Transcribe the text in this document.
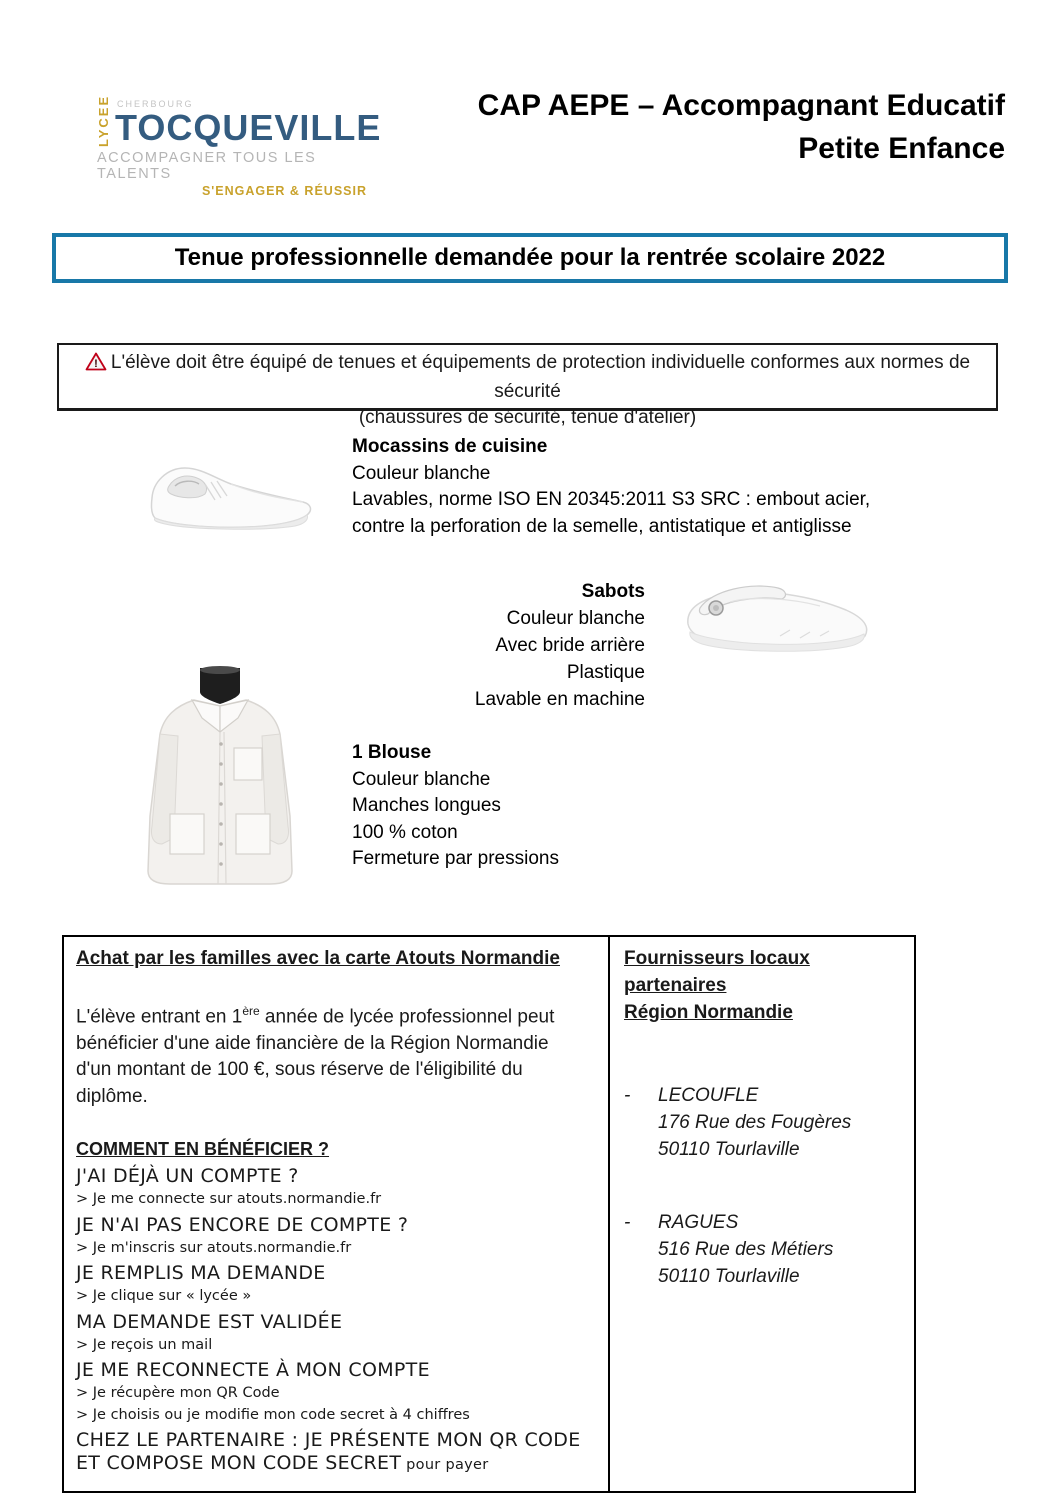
LYCEE CHERBOURG
TOCQUEVILLE
ACCOMPAGNER TOUS LES TALENTS
S'ENGAGER & RÉUSSIR
CAP AEPE – Accompagnant Educatif
Petite Enfance
Tenue professionnelle demandée pour la rentrée scolaire 2022
! L'élève doit être équipé de tenues et équipements de protection individuelle conformes aux normes de
sécurité
(chaussures de sécurité, tenue d'atelier)
Mocassins de cuisine
Couleur blanche
Lavables, norme ISO EN 20345:2011 S3 SRC : embout acier, contre la perforation de la semelle, antistatique et antiglisse
Sabots
Couleur blanche
Avec bride arrière
Plastique
Lavable en machine
1 Blouse
Couleur blanche
Manches longues
100 % coton
Fermeture par pressions
Achat par les familles avec la carte Atouts Normandie
L'élève entrant en 1ère année de lycée professionnel peut bénéficier d'une aide financière de la Région Normandie d'un montant de 100 €, sous réserve de l'éligibilité du diplôme.
COMMENT EN BÉNÉFICIER ?
J'AI DÉJÀ UN COMPTE ?
> Je me connecte sur atouts.normandie.fr
JE N'AI PAS ENCORE DE COMPTE ?
> Je m'inscris sur atouts.normandie.fr
JE REMPLIS MA DEMANDE
> Je clique sur « lycée »
MA DEMANDE EST VALIDÉE
> Je reçois un mail
JE ME RECONNECTE À MON COMPTE
> Je récupère mon QR Code
> Je choisis ou je modifie mon code secret à 4 chiffres
CHEZ LE PARTENAIRE : JE PRÉSENTE MON QR CODE ET COMPOSE MON CODE SECRET pour payer
Fournisseurs locaux partenaires
Région Normandie
-	LECOUFLE
176 Rue des Fougères
50110 Tourlaville
-	RAGUES
516 Rue des Métiers
50110 Tourlaville
